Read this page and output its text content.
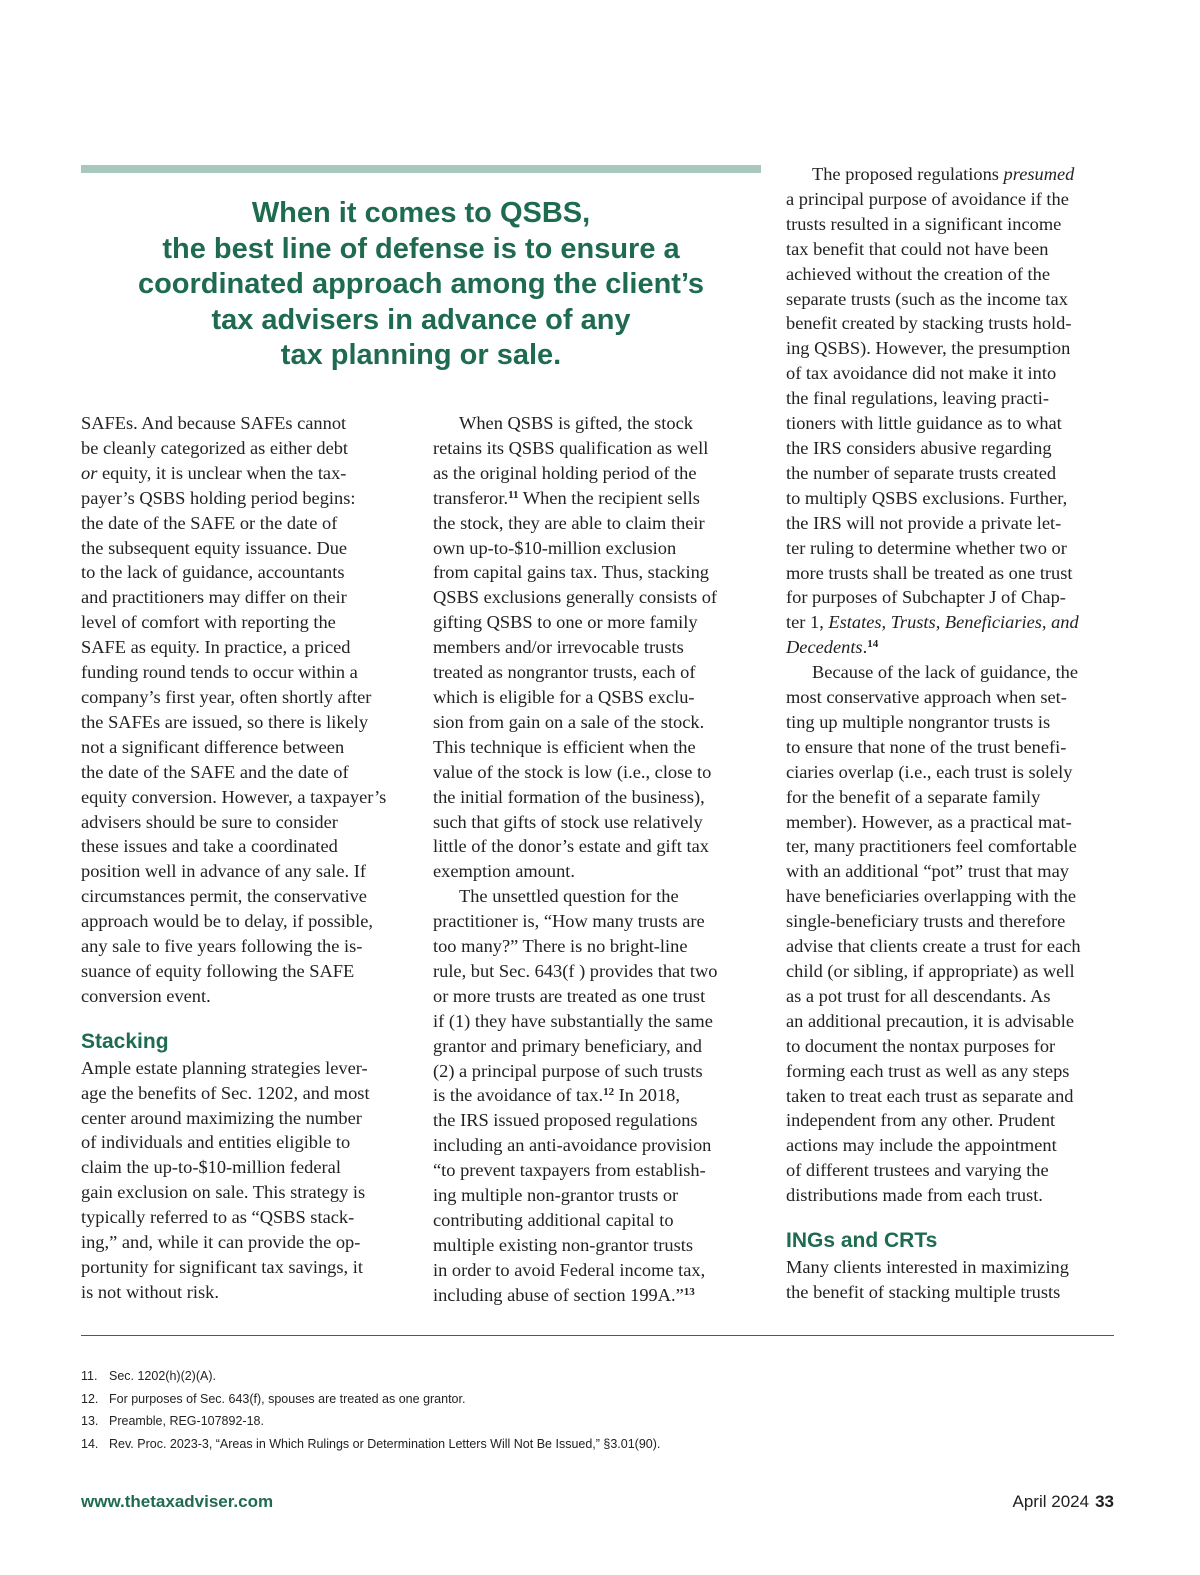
When it comes to QSBS,
the best line of defense is to ensure a
coordinated approach among the client’s
tax advisers in advance of any
tax planning or sale.
SAFEs. And because SAFEs cannot
be cleanly categorized as either debt
or equity, it is unclear when the tax-
payer’s QSBS holding period begins:
the date of the SAFE or the date of
the subsequent equity issuance. Due
to the lack of guidance, accountants
and practitioners may differ on their
level of comfort with reporting the
SAFE as equity. In practice, a priced
funding round tends to occur within a
company’s first year, often shortly after
the SAFEs are issued, so there is likely
not a significant difference between
the date of the SAFE and the date of
equity conversion. However, a taxpayer’s
advisers should be sure to consider
these issues and take a coordinated
position well in advance of any sale. If
circumstances permit, the conservative
approach would be to delay, if possible,
any sale to five years following the is-
suance of equity following the SAFE
conversion event.
Stacking
Ample estate planning strategies lever-
age the benefits of Sec. 1202, and most
center around maximizing the number
of individuals and entities eligible to
claim the up-to-$10-million federal
gain exclusion on sale. This strategy is
typically referred to as “QSBS stack-
ing,” and, while it can provide the op-
portunity for significant tax savings, it
is not without risk.
When QSBS is gifted, the stock
retains its QSBS qualification as well
as the original holding period of the
transferor.$^{11}$ When the recipient sells
the stock, they are able to claim their
own up-to-$10-million exclusion
from capital gains tax. Thus, stacking
QSBS exclusions generally consists of
gifting QSBS to one or more family
members and/or irrevocable trusts
treated as nongrantor trusts, each of
which is eligible for a QSBS exclu-
sion from gain on a sale of the stock.
This technique is efficient when the
value of the stock is low (i.e., close to
the initial formation of the business),
such that gifts of stock use relatively
little of the donor’s estate and gift tax
exemption amount.
The unsettled question for the
practitioner is, “How many trusts are
too many?” There is no bright-line
rule, but Sec. 643(f ) provides that two
or more trusts are treated as one trust
if (1) they have substantially the same
grantor and primary beneficiary, and
(2) a principal purpose of such trusts
is the avoidance of tax.$^{12}$ In 2018,
the IRS issued proposed regulations
including an anti-avoidance provision
“to prevent taxpayers from establish-
ing multiple non-grantor trusts or
contributing additional capital to
multiple existing non-grantor trusts
in order to avoid Federal income tax,
including abuse of section 199A.”$^{13}$
The proposed regulations presumed
a principal purpose of avoidance if the
trusts resulted in a significant income
tax benefit that could not have been
achieved without the creation of the
separate trusts (such as the income tax
benefit created by stacking trusts hold-
ing QSBS). However, the presumption
of tax avoidance did not make it into
the final regulations, leaving practi-
tioners with little guidance as to what
the IRS considers abusive regarding
the number of separate trusts created
to multiply QSBS exclusions. Further,
the IRS will not provide a private let-
ter ruling to determine whether two or
more trusts shall be treated as one trust
for purposes of Subchapter J of Chap-
ter 1, Estates, Trusts, Beneficiaries, and
Decedents.$^{14}$
Because of the lack of guidance, the
most conservative approach when set-
ting up multiple nongrantor trusts is
to ensure that none of the trust benefi-
ciaries overlap (i.e., each trust is solely
for the benefit of a separate family
member). However, as a practical mat-
ter, many practitioners feel comfortable
with an additional “pot” trust that may
have beneficiaries overlapping with the
single-beneficiary trusts and therefore
advise that clients create a trust for each
child (or sibling, if appropriate) as well
as a pot trust for all descendants. As
an additional precaution, it is advisable
to document the nontax purposes for
forming each trust as well as any steps
taken to treat each trust as separate and
independent from any other. Prudent
actions may include the appointment
of different trustees and varying the
distributions made from each trust.
INGs and CRTs
Many clients interested in maximizing
the benefit of stacking multiple trusts
11. Sec. 1202(h)(2)(A).
12. For purposes of Sec. 643(f), spouses are treated as one grantor.
13. Preamble, REG-107892-18.
14. Rev. Proc. 2023-3, “Areas in Which Rulings or Determination Letters Will Not Be Issued,” §3.01(90).
www.thetaxadviser.com	April 2024 33
